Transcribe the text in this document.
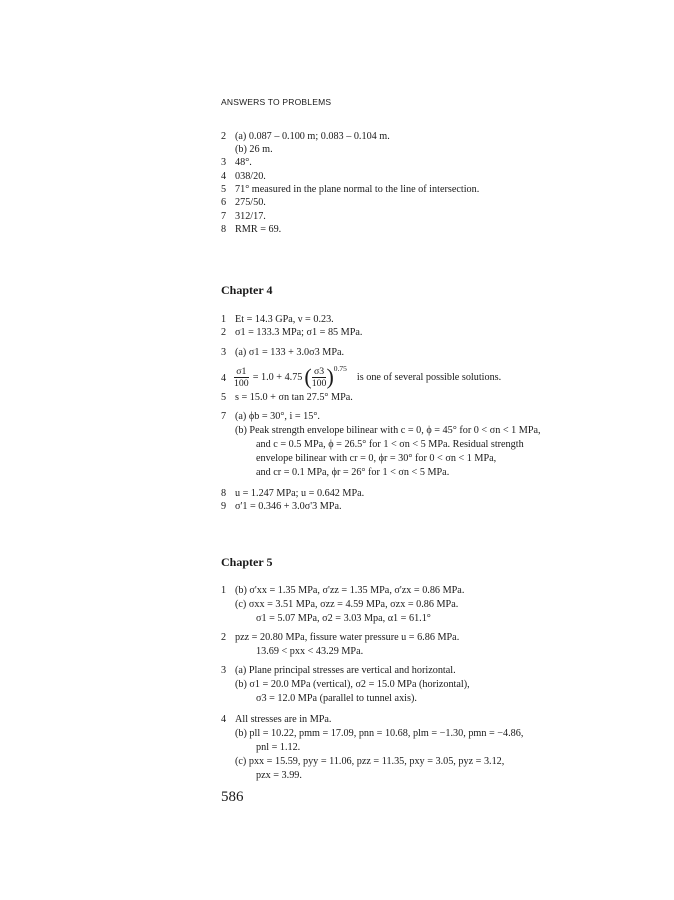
ANSWERS TO PROBLEMS
2 (a) 0.087 – 0.100 m; 0.083 – 0.104 m.
(b) 26 m.
3 48°.
4 038/20.
5 71° measured in the plane normal to the line of intersection.
6 275/50.
7 312/17.
8 RMR = 69.
Chapter 4
1 Et = 14.3 GPa, ν = 0.23.
2 σ1 = 133.3 MPa; σ1 = 85 MPa.
3 (a) σ1 = 133 + 3.0σ3 MPa.
$4 \frac{\sigma 1}{100} = 1.0 + 4.75$ ( $\frac{\sigma 3}{100}$ ) 0.75
is one of several possible solutions.
5 s = 15.0 + σn tan 27.5° MPa.
7 (a) ϕb = 30°, i = 15°.
(b) Peak strength envelope bilinear with c = 0, ϕ = 45° for 0 < σn < 1 MPa,
and c = 0.5 MPa, ϕ = 26.5° for 1 < σn < 5 MPa. Residual strength
envelope bilinear with cr = 0, ϕr = 30° for 0 < σn < 1 MPa,
and cr = 0.1 MPa, ϕr = 26° for 1 < σn < 5 MPa.
8 u = 1.247 MPa; u = 0.642 MPa.
9 σ'1 = 0.346 + 3.0σ'3 MPa.
Chapter 5
1 (b) σ'xx = 1.35 MPa, σ'zz = 1.35 MPa, σ'zx = 0.86 MPa.
(c) σxx = 3.51 MPa, σzz = 4.59 MPa, σzx = 0.86 MPa.
σ1 = 5.07 MPa, σ2 = 3.03 Mpa, α1 = 61.1°
2 pzz = 20.80 MPa, fissure water pressure u = 6.86 MPa.
13.69 < pxx < 43.29 MPa.
3 (a) Plane principal stresses are vertical and horizontal.
(b) σ1 = 20.0 MPa (vertical), σ2 = 15.0 MPa (horizontal),
σ3 = 12.0 MPa (parallel to tunnel axis).
4 All stresses are in MPa.
(b) pll = 10.22, pmm = 17.09, pnn = 10.68, plm = −1.30, pmn = −4.86,
pnl = 1.12.
(c) pxx = 15.59, pyy = 11.06, pzz = 11.35, pxy = 3.05, pyz = 3.12,
pzx = 3.99.
586
